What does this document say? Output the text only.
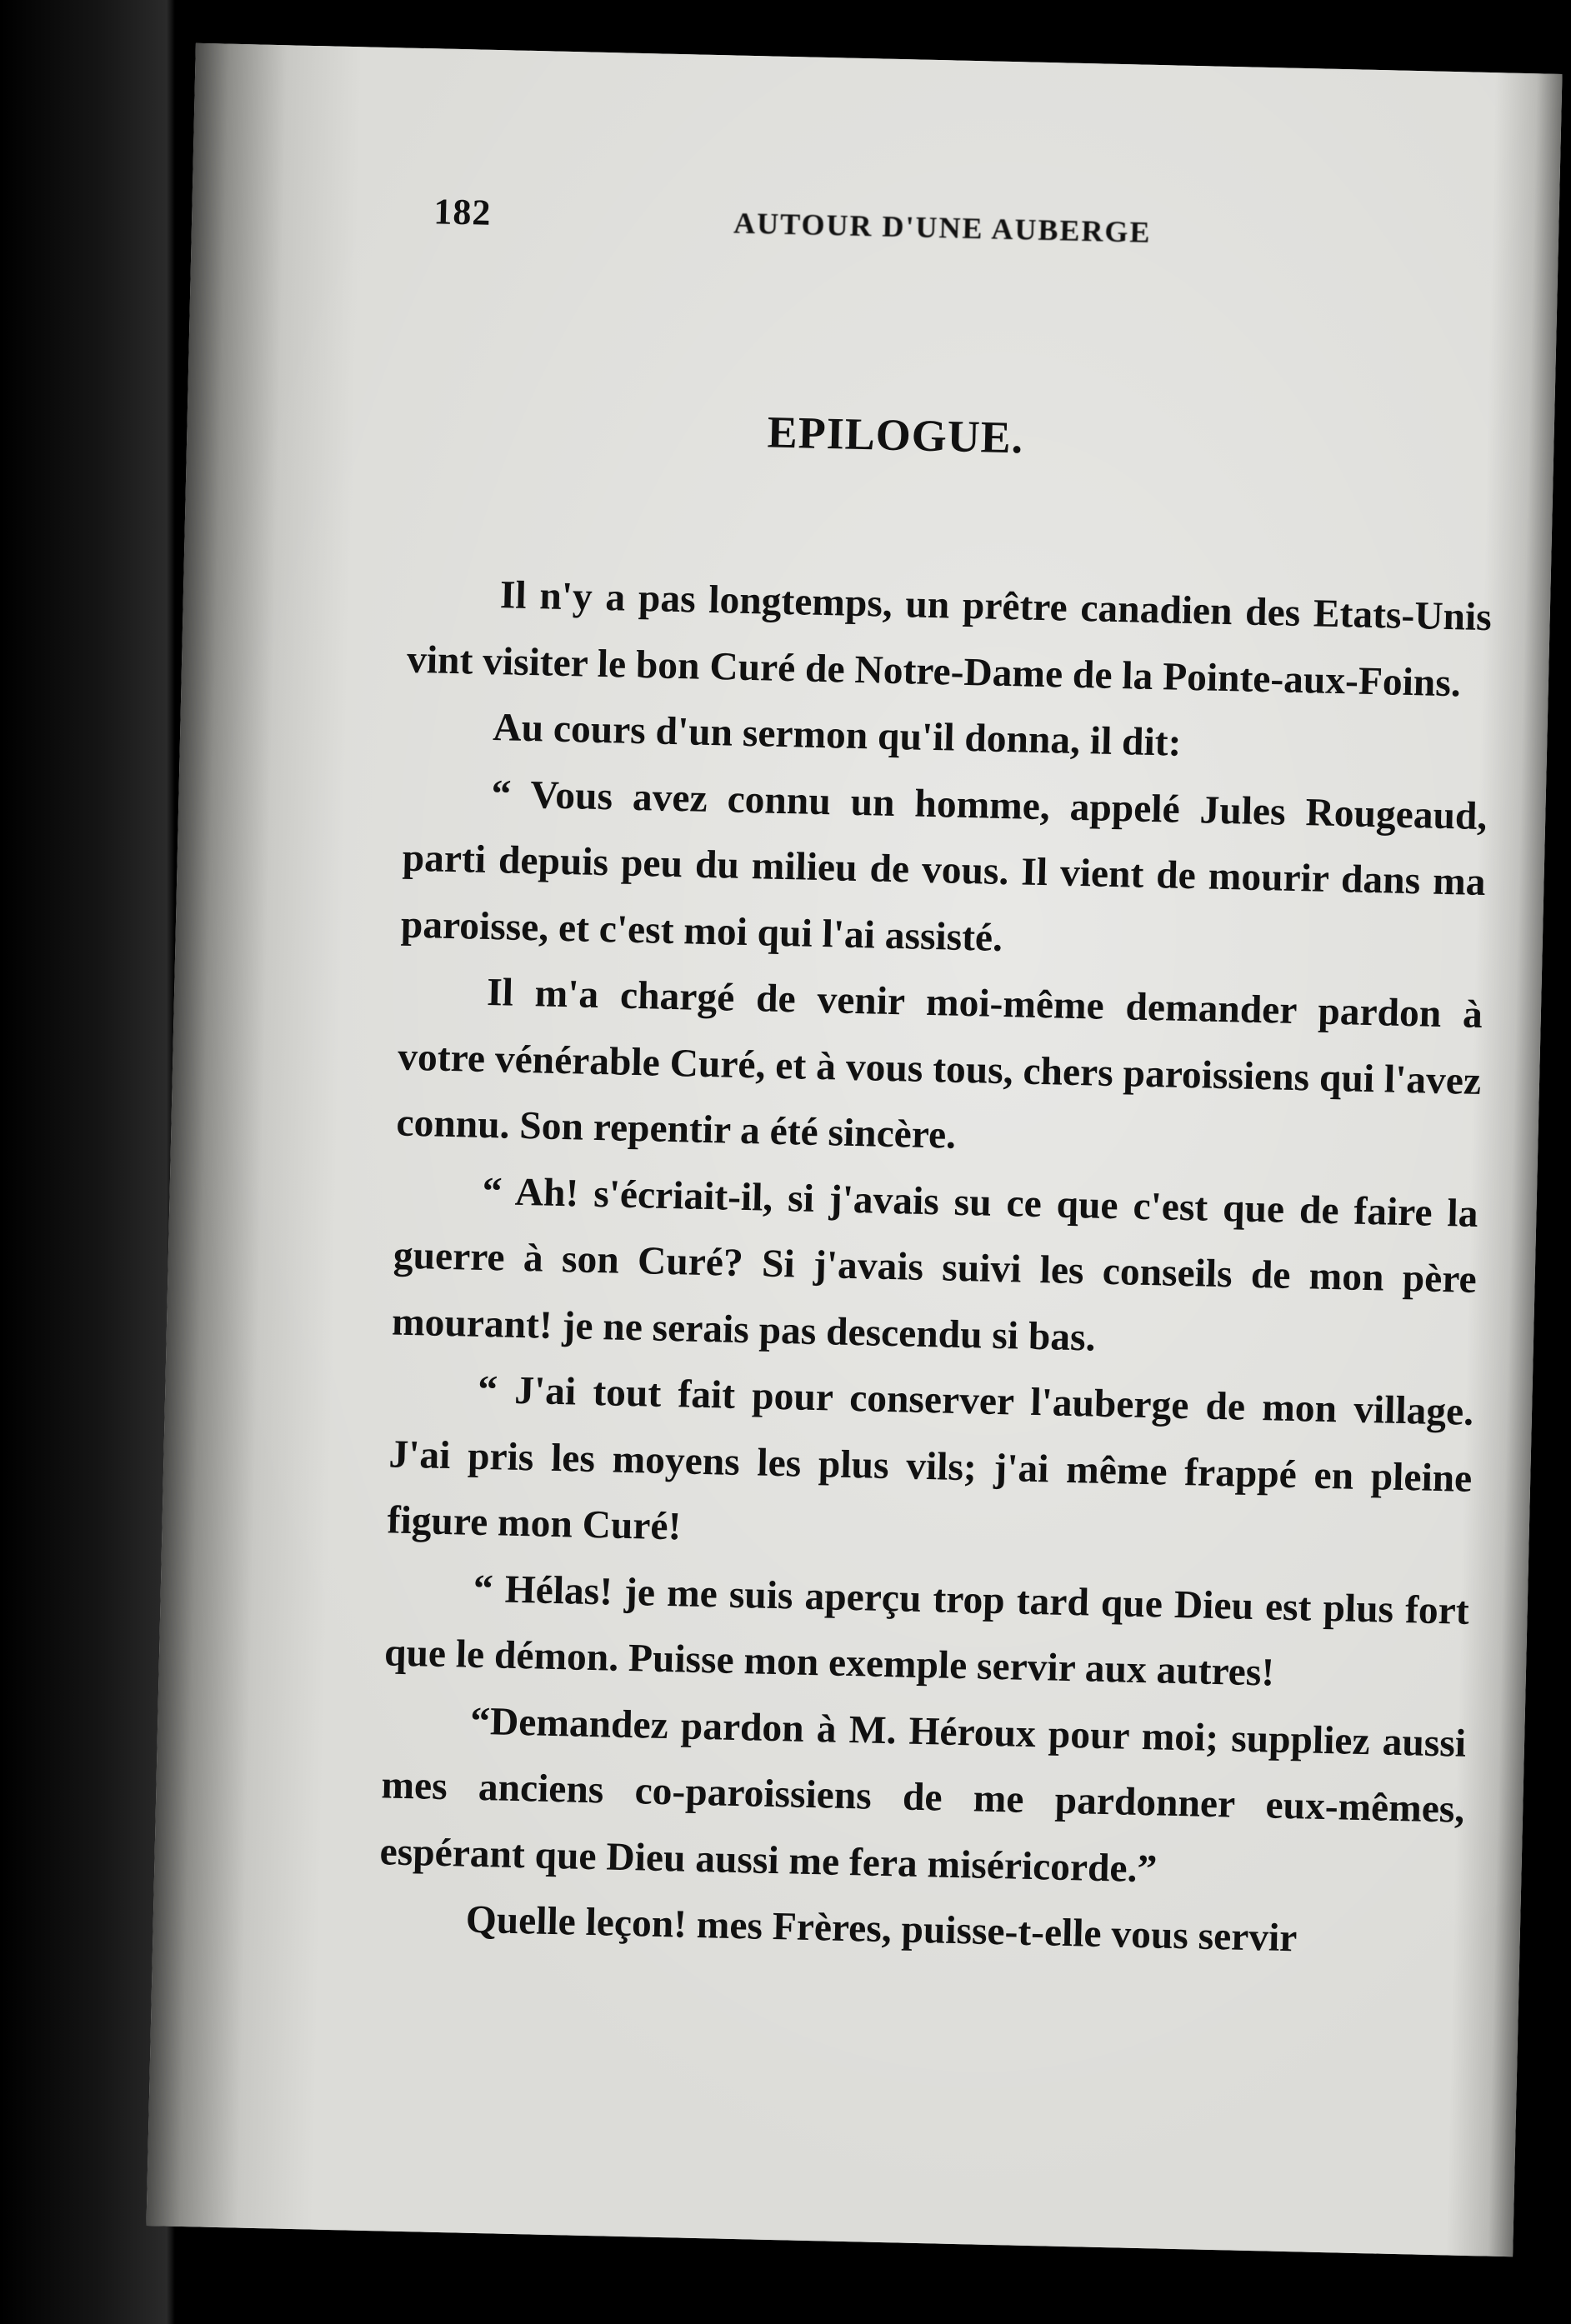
182	AUTOUR D'UNE AUBERGE
EPILOGUE.

Il n'y a pas longtemps, un prêtre canadien des Etats-Unis vint visiter le bon Curé de Notre-Dame de la Pointe-aux-Foins.

Au cours d'un sermon qu'il donna, il dit:

“ Vous avez connu un homme, appelé Jules Rougeaud, parti depuis peu du milieu de vous. Il vient de mourir dans ma paroisse, et c'est moi qui l'ai assisté.

Il m'a chargé de venir moi-même demander pardon à votre vénérable Curé, et à vous tous, chers paroissiens qui l'avez connu. Son repentir a été sincère.

“ Ah! s'écriait-il, si j'avais su ce que c'est que de faire la guerre à son Curé? Si j'avais suivi les conseils de mon père mourant! je ne serais pas descendu si bas.

“ J'ai tout fait pour conserver l'auberge de mon village. J'ai pris les moyens les plus vils; j'ai même frappé en pleine figure mon Curé!

“ Hélas! je me suis aperçu trop tard que Dieu est plus fort que le démon. Puisse mon exemple servir aux autres!

“Demandez pardon à M. Héroux pour moi; suppliez aussi mes anciens co-paroissiens de me pardonner eux-mêmes, espérant que Dieu aussi me fera miséricorde.”

Quelle leçon! mes Frères, puisse-t-elle vous servir
